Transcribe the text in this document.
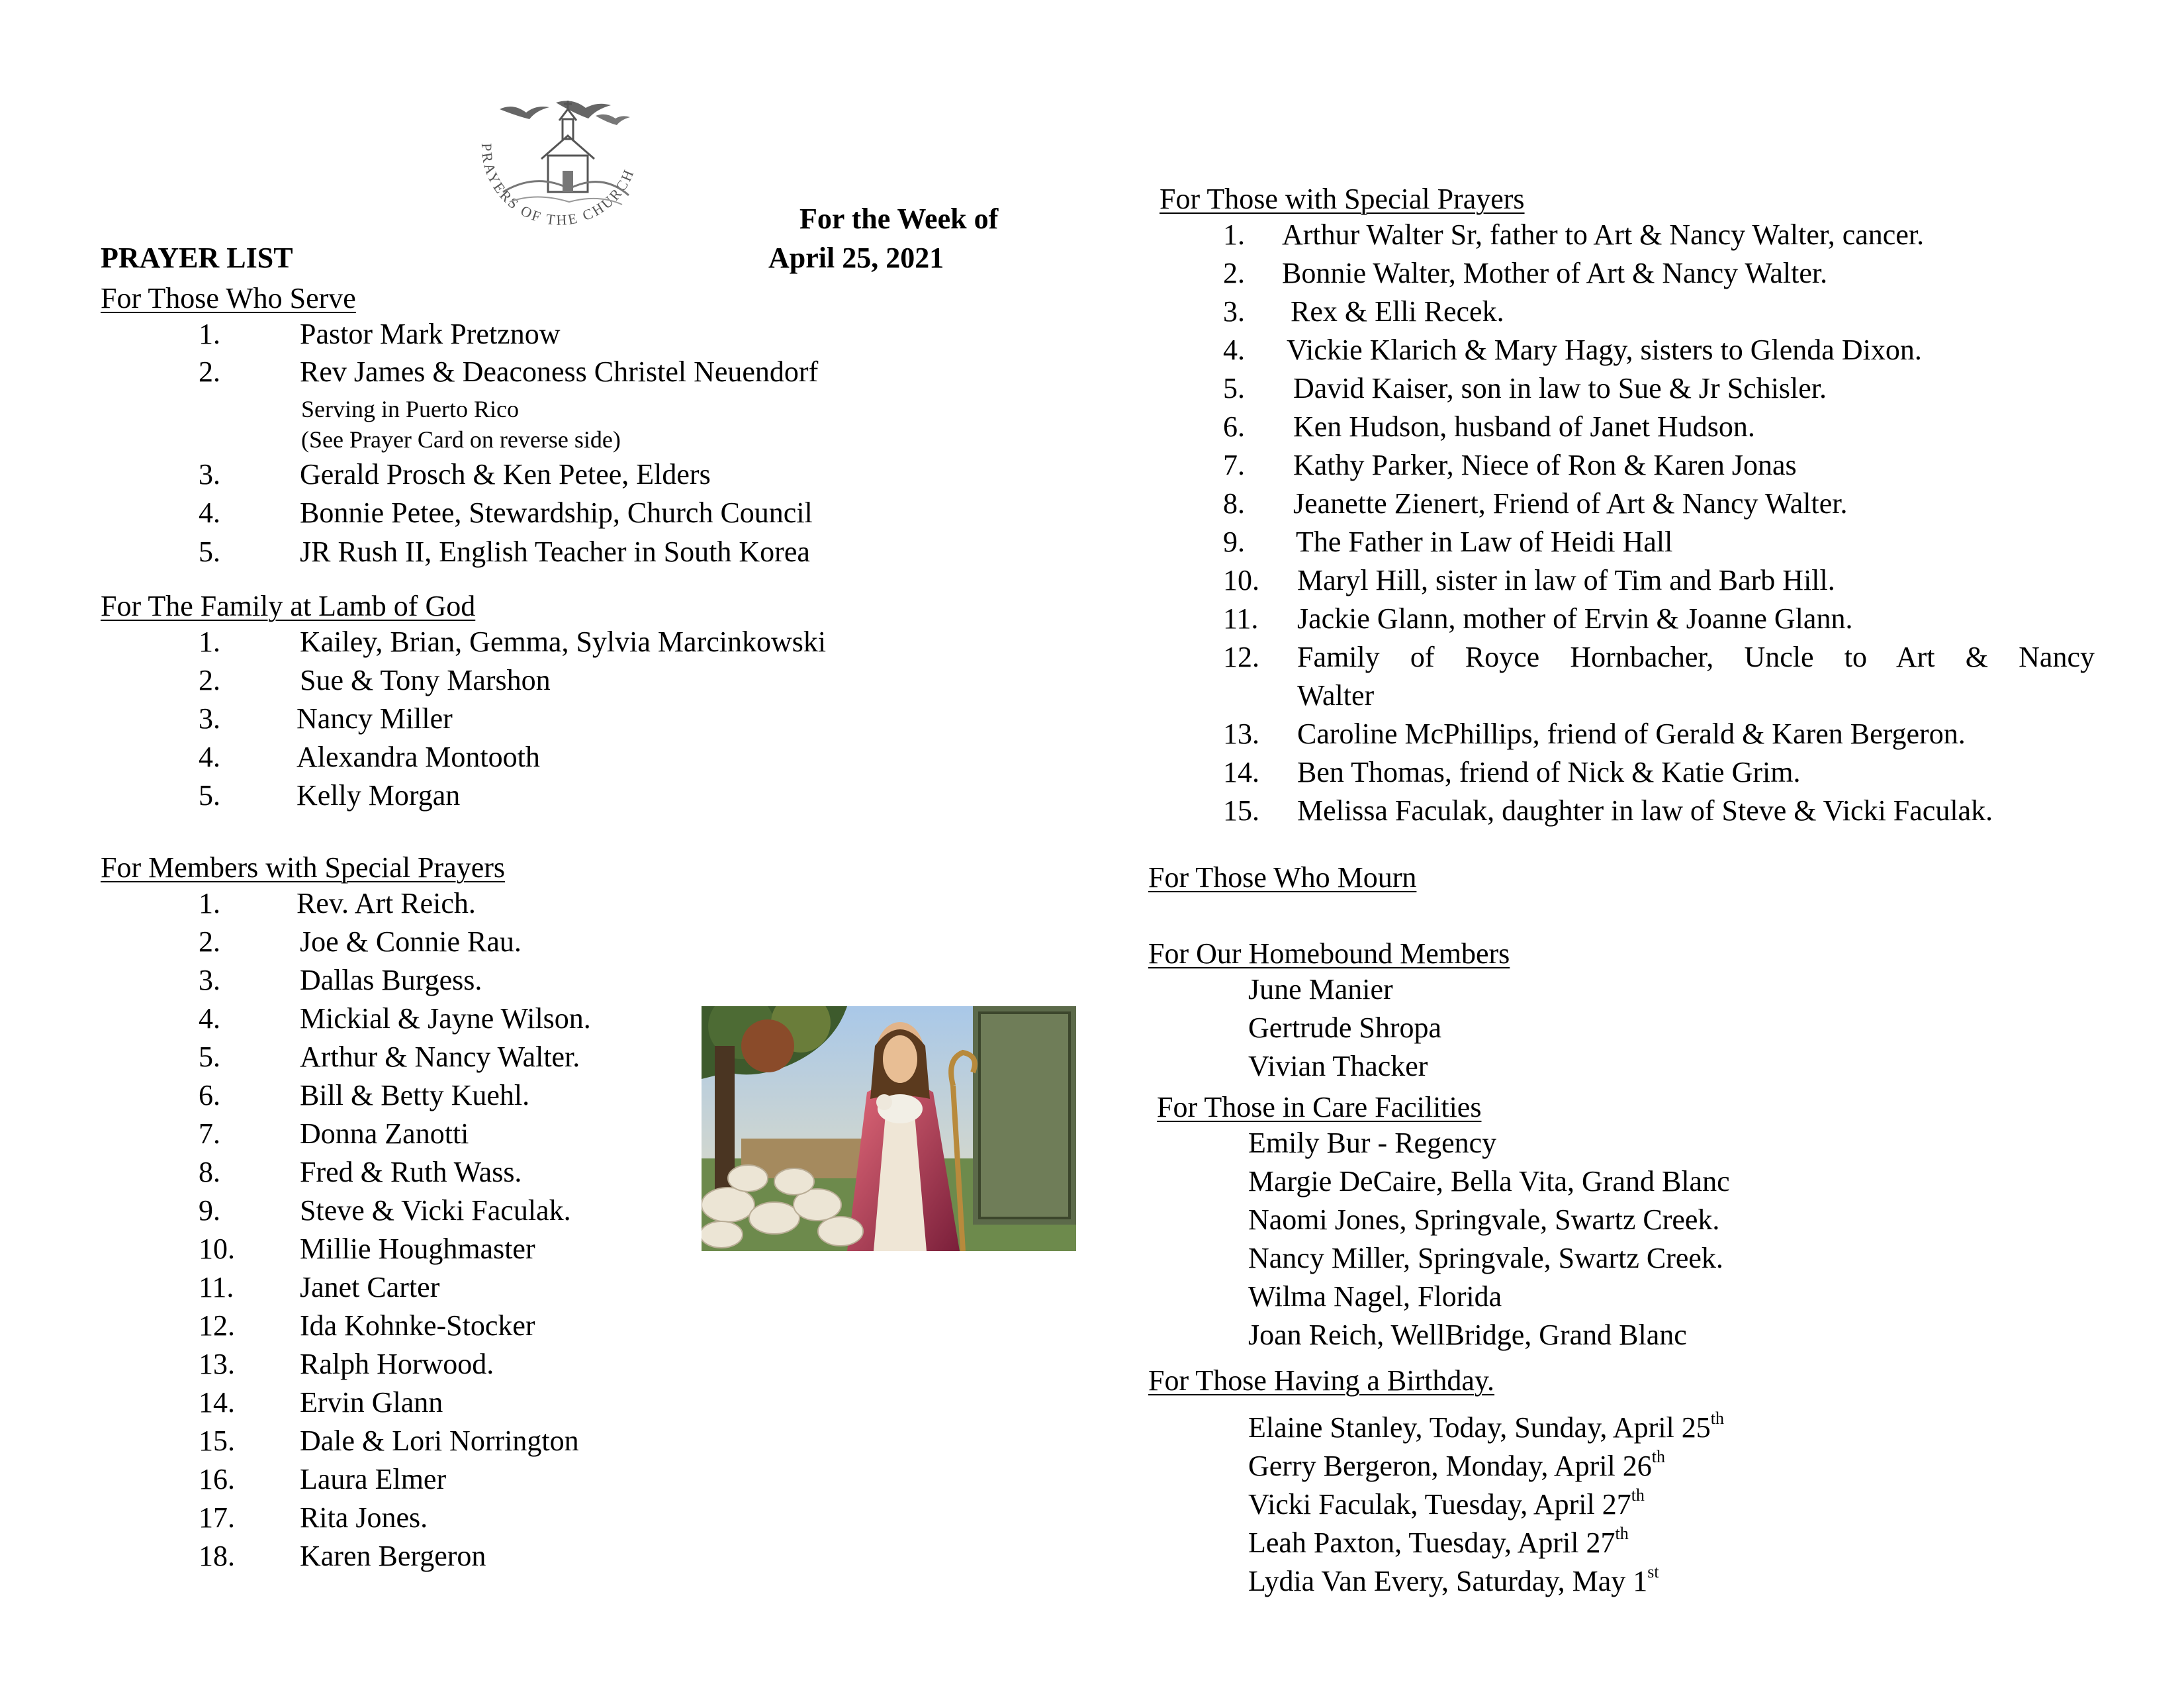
PRAYERS OF THE CHURCH
For the Week of
April 25, 2021
PRAYER LIST
For Those Who Serve
1.	Pastor Mark Pretznow
2.	Rev James & Deaconess Christel Neuendorf
Serving in Puerto Rico
(See Prayer Card on reverse side)
3.	Gerald Prosch & Ken Petee, Elders
4.	Bonnie Petee, Stewardship, Church Council
5.	JR Rush II, English Teacher in South Korea
For The Family at Lamb of God
1.	Kailey, Brian, Gemma, Sylvia Marcinkowski
2.	Sue & Tony Marshon
3.	Nancy Miller
4.	Alexandra Montooth
5.	Kelly Morgan
For Members with Special Prayers
1.	Rev. Art Reich.
2.	Joe & Connie Rau.
3.	Dallas Burgess.
4.	Mickial & Jayne Wilson.
5.	Arthur & Nancy Walter.
6.	Bill & Betty Kuehl.
7.	Donna Zanotti
8.	Fred & Ruth Wass.
9.	Steve & Vicki Faculak.
10. Millie Houghmaster
11. Janet Carter
12. Ida Kohnke-Stocker
13. Ralph Horwood.
14. Ervin Glann
15. Dale & Lori Norrington
16. Laura Elmer
17. Rita Jones.
18. Karen Bergeron
For Those with Special Prayers
1. Arthur Walter Sr, father to Art & Nancy Walter, cancer.
2. Bonnie Walter, Mother of Art & Nancy Walter.
3. Rex & Elli Recek.
4. Vickie Klarich & Mary Hagy, sisters to Glenda Dixon.
5. David Kaiser, son in law to Sue & Jr Schisler.
6. Ken Hudson, husband of Janet Hudson.
7. Kathy Parker, Niece of Ron & Karen Jonas
8. Jeanette Zienert, Friend of Art & Nancy Walter.
9. The Father in Law of Heidi Hall
10. Maryl Hill, sister in law of Tim and Barb Hill.
11. Jackie Glann, mother of Ervin & Joanne Glann.
12. Family of Royce Hornbacher, Uncle to Art & Nancy
Walter
13. Caroline McPhillips, friend of Gerald & Karen Bergeron.
14. Ben Thomas, friend of Nick & Katie Grim.
15. Melissa Faculak, daughter in law of Steve & Vicki Faculak.
For Those Who Mourn
For Our Homebound Members
June Manier
Gertrude Shropa
Vivian Thacker
For Those in Care Facilities
Emily Bur - Regency
Margie DeCaire, Bella Vita, Grand Blanc
Naomi Jones, Springvale, Swartz Creek.
Nancy Miller, Springvale, Swartz Creek.
Wilma Nagel, Florida
Joan Reich, WellBridge, Grand Blanc
For Those Having a Birthday.
Elaine Stanley, Today, Sunday, April 25th
Gerry Bergeron, Monday, April 26th
Vicki Faculak, Tuesday, April 27th
Leah Paxton, Tuesday, April 27th
Lydia Van Every, Saturday, May 1st
